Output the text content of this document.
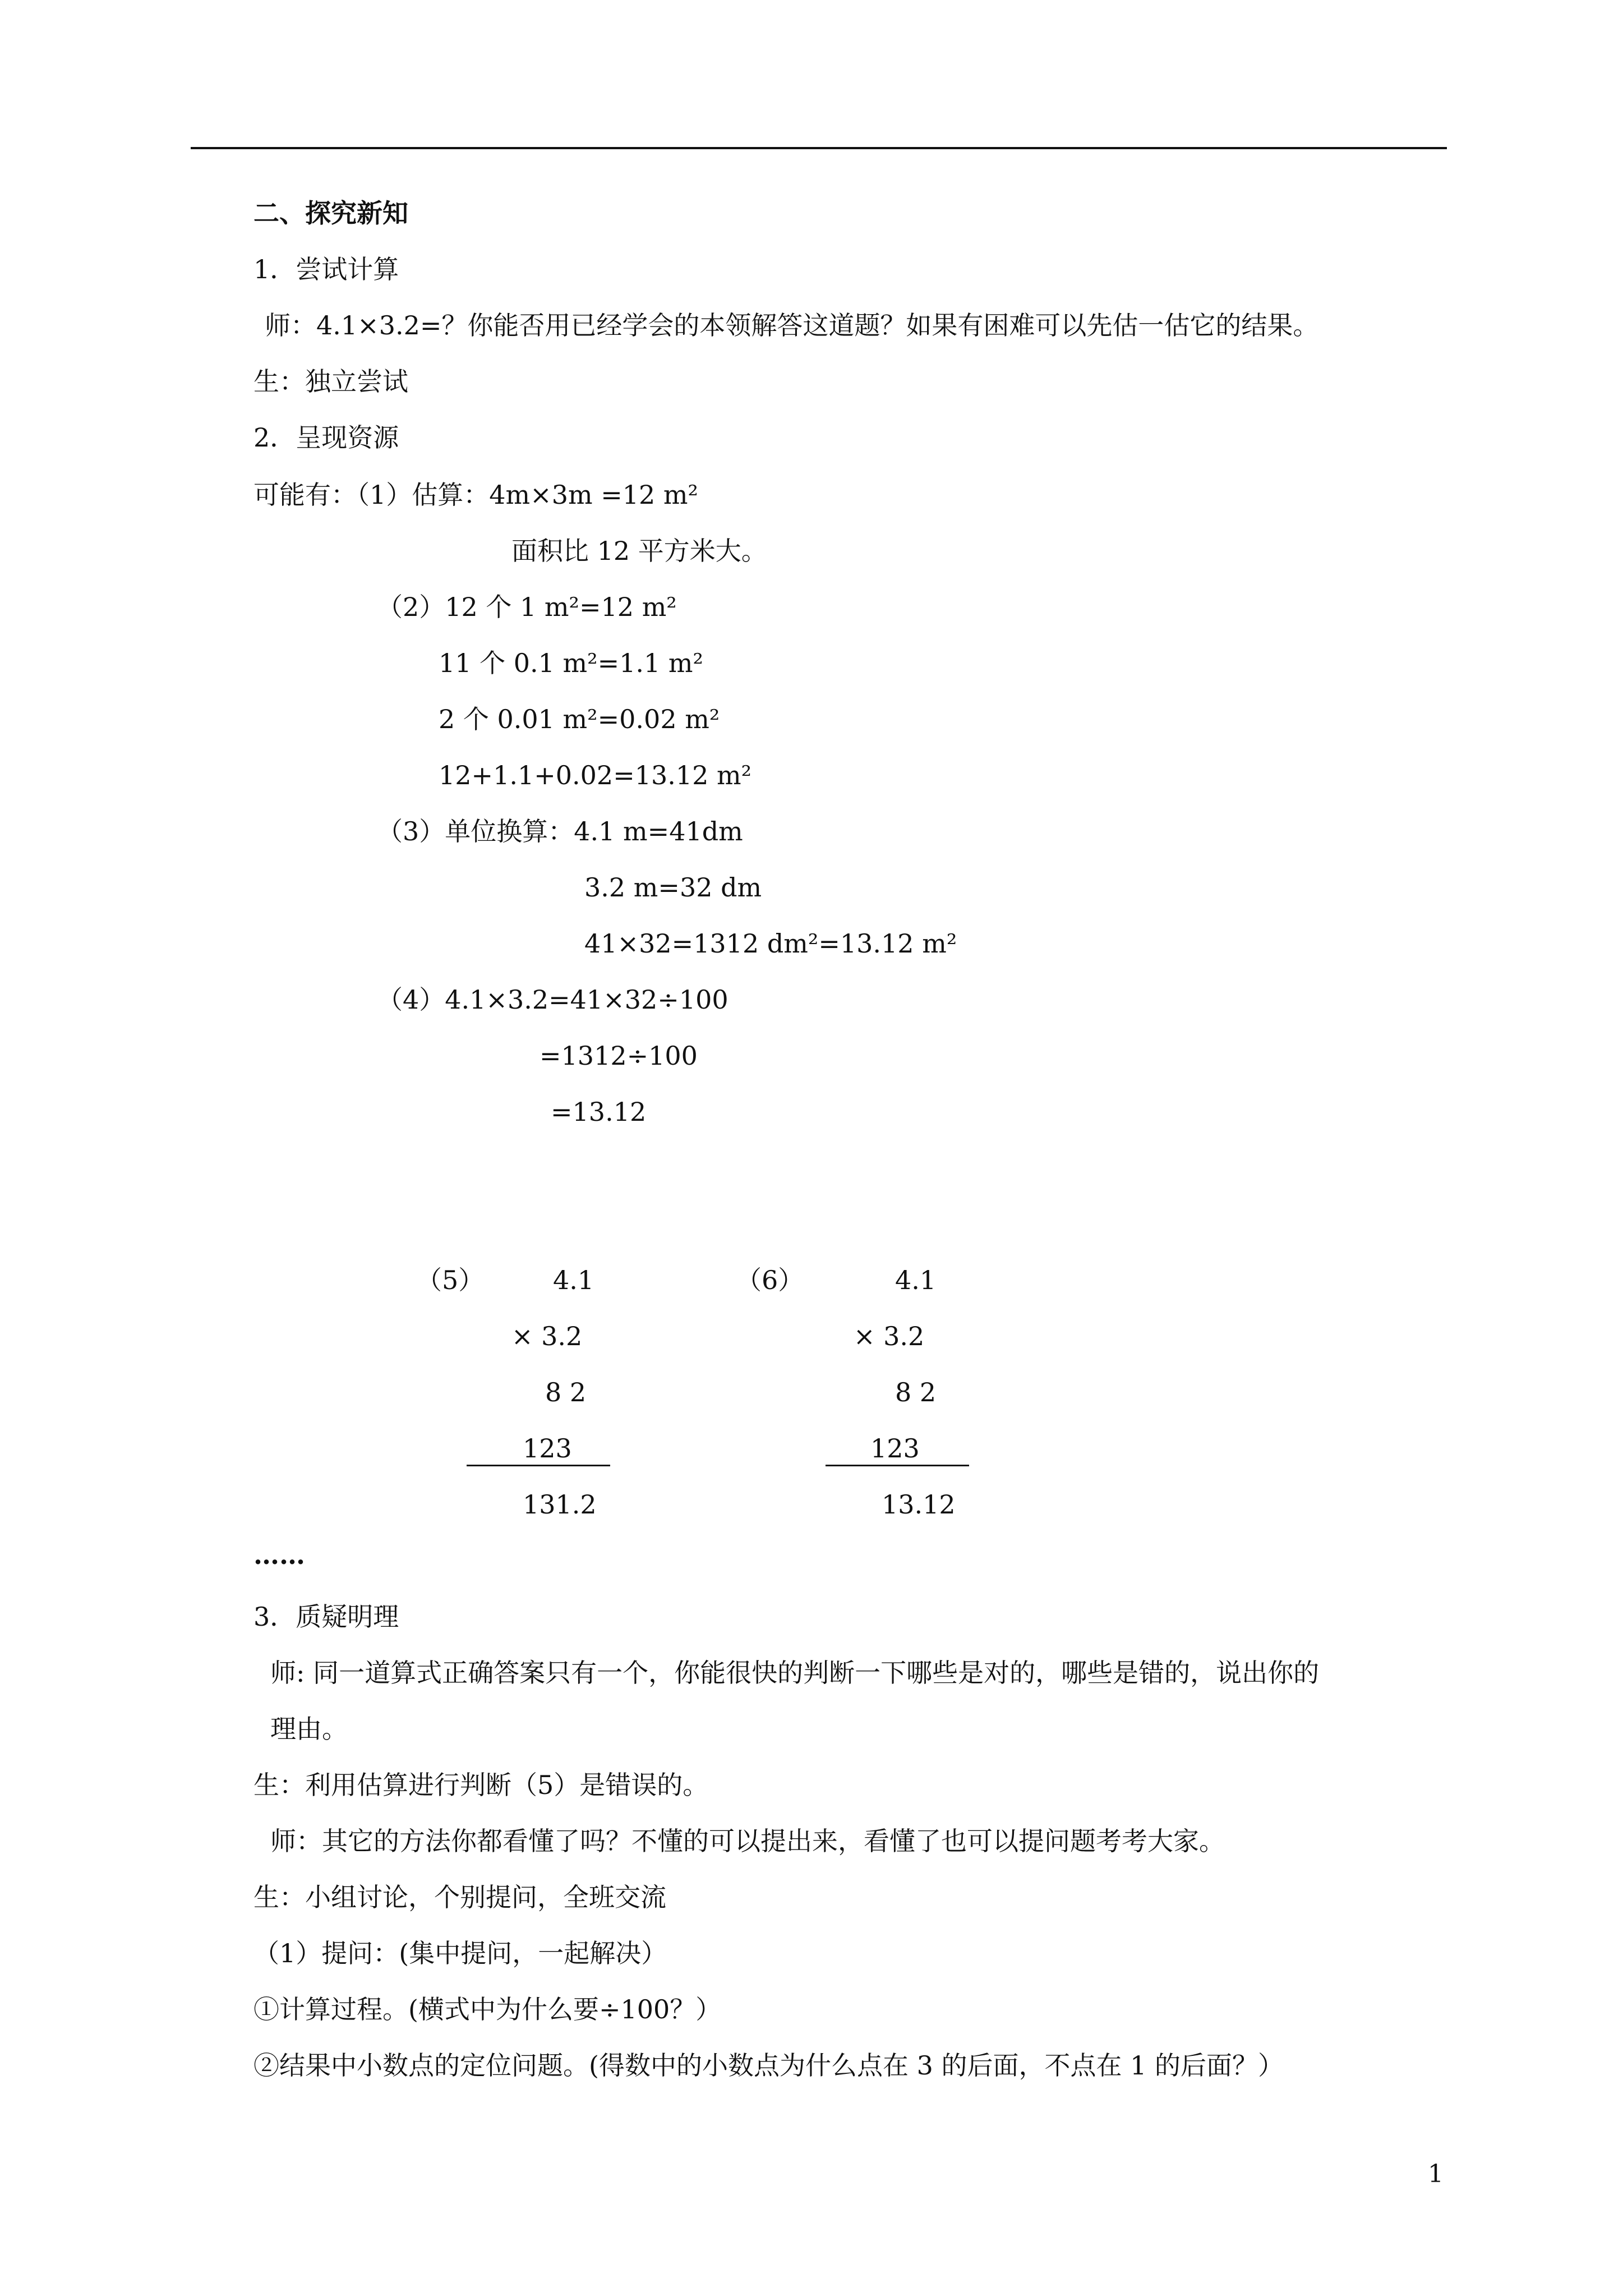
二、探究新知
1．尝试计算
师：4.1×3.2=？你能否用已经学会的本领解答这道题？如果有困难可以先估一估它的结果。
生：独立尝试
2．呈现资源
可能有：（1）估算：4m×3m =12 m²
面积比 12 平方米大。
（2）12 个 1 m²=12 m²
11 个 0.1 m²=1.1 m²
2 个 0.01 m²=0.02 m²
12+1.1+0.02=13.12 m²
（3）单位换算：4.1 m=41dm
3.2 m=32 dm
41×32=1312 dm²=13.12 m²
（4）4.1×3.2=41×32÷100
=1312÷100
=13.12
（5）	4.1
× 3.2
8 2
123
131.2
（6）	4.1
× 3.2
8 2
123
13.12
……
3．质疑明理
师: 同一道算式正确答案只有一个，你能很快的判断一下哪些是对的，哪些是错的，说出你的
理由。
生：利用估算进行判断（5）是错误的。
师：其它的方法你都看懂了吗？不懂的可以提出来，看懂了也可以提问题考考大家。
生：小组讨论，个别提问，全班交流
（1）提问：(集中提问，一起解决）
①计算过程。(横式中为什么要÷100？）
②结果中小数点的定位问题。(得数中的小数点为什么点在 3 的后面，不点在 1 的后面？）
1
